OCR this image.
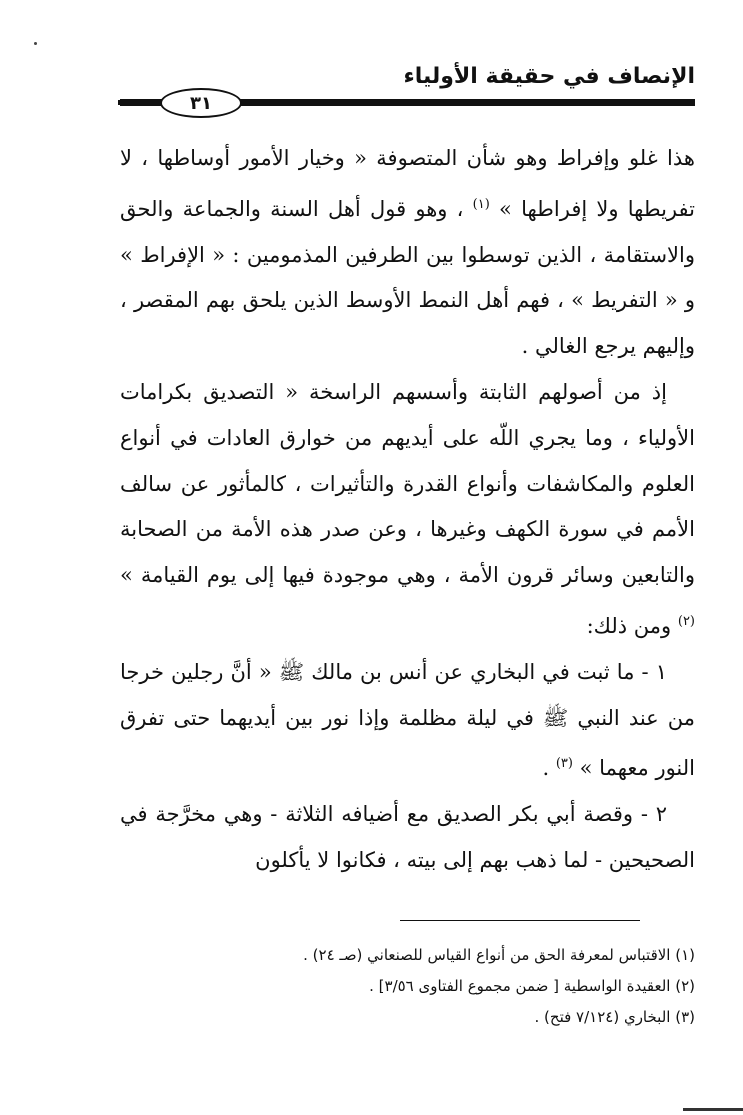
الإنصاف في حقيقة الأولياء
٣١

هذا غلو وإفراط وهو شأن المتصوفة « وخيار الأمور أوساطها ، لا تفريطها ولا إفراطها » $^{(١)}$ ، وهو قول أهل السنة والجماعة والحق والاستقامة ، الذين توسطوا بين الطرفين المذمومين : « الإفراط » و « التفريط » ، فهم أهل النمط الأوسط الذين يلحق بهم المقصر ، وإليهم يرجع الغالي .

إذ من أصولهم الثابتة وأسسهم الراسخة « التصديق بكرامات الأولياء ، وما يجري اللّه على أيديهم من خوارق العادات في أنواع العلوم والمكاشفات وأنواع القدرة والتأثيرات ، كالمأثور عن سالف الأمم في سورة الكهف وغيرها ، وعن صدر هذه الأمة من الصحابة والتابعين وسائر قرون الأمة ، وهي موجودة فيها إلى يوم القيامة » $^{(٢)}$ ومن ذلك:

١ - ما ثبت في البخاري عن أنس بن مالك ﷺ « أنَّ رجلين خرجا من عند النبي ﷺ في ليلة مظلمة وإذا نور بين أيديهما حتى تفرق النور معهما » $^{(٣)}$ .

٢ - وقصة أبي بكر الصديق مع أضيافه الثلاثة - وهي مخرَّجة في الصحيحين - لما ذهب بهم إلى بيته ، فكانوا لا يأكلون

(١) الاقتباس لمعرفة الحق من أنواع القياس للصنعاني (صـ ٢٤) .
(٢) العقيدة الواسطية [ ضمن مجموع الفتاوى ٣/٥٦] .
(٣) البخاري (٧/١٢٤ فتح) .
